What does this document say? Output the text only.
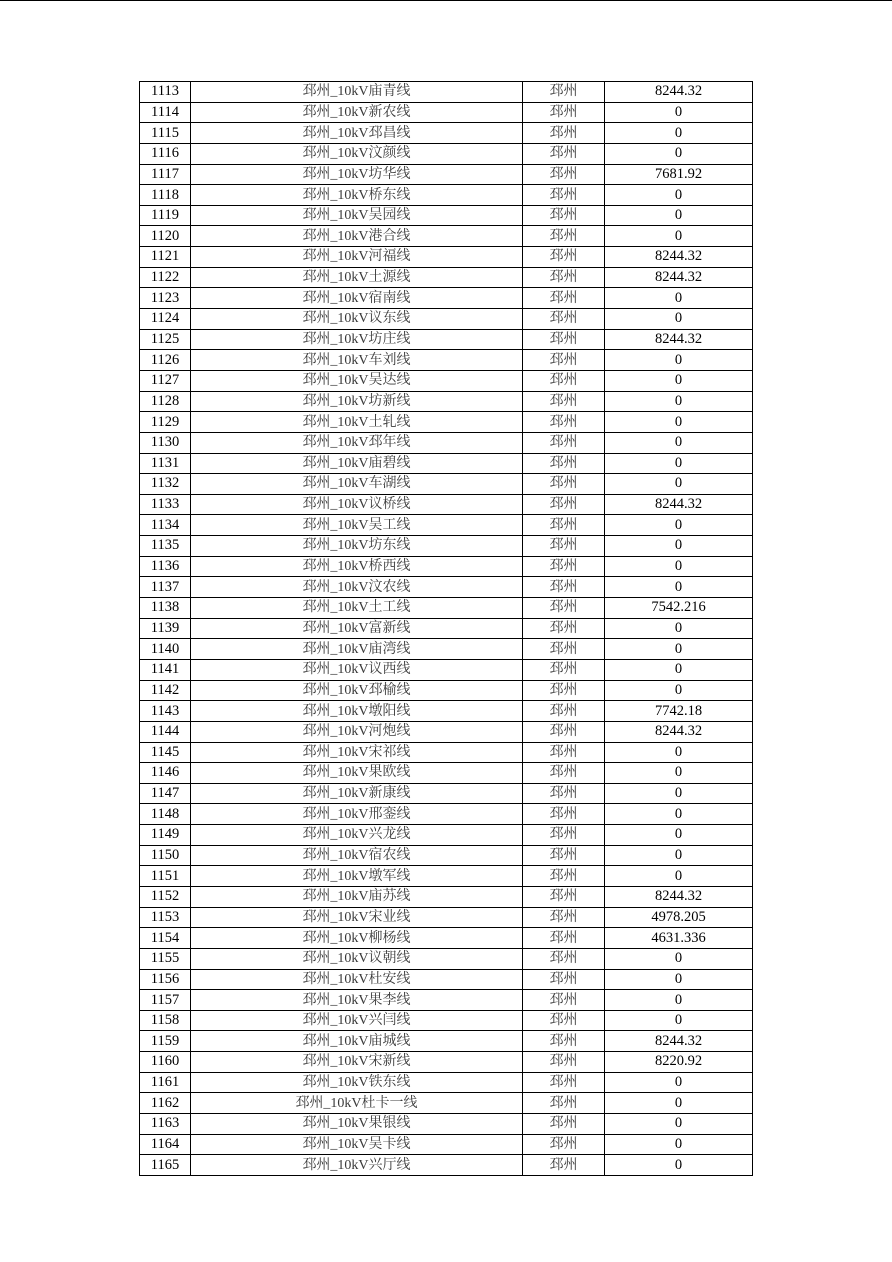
1113	邳州_10kV庙青线	邳州	8244.32
1114	邳州_10kV新农线	邳州	0
1115	邳州_10kV邳昌线	邳州	0
1116	邳州_10kV汶颜线	邳州	0
1117	邳州_10kV坊华线	邳州	7681.92
1118	邳州_10kV桥东线	邳州	0
1119	邳州_10kV吴园线	邳州	0
1120	邳州_10kV港合线	邳州	0
1121	邳州_10kV河福线	邳州	8244.32
1122	邳州_10kV土源线	邳州	8244.32
1123	邳州_10kV宿南线	邳州	0
1124	邳州_10kV议东线	邳州	0
1125	邳州_10kV坊庄线	邳州	8244.32
1126	邳州_10kV车刘线	邳州	0
1127	邳州_10kV吴达线	邳州	0
1128	邳州_10kV坊新线	邳州	0
1129	邳州_10kV土轧线	邳州	0
1130	邳州_10kV邳年线	邳州	0
1131	邳州_10kV庙碧线	邳州	0
1132	邳州_10kV车湖线	邳州	0
1133	邳州_10kV议桥线	邳州	8244.32
1134	邳州_10kV吴工线	邳州	0
1135	邳州_10kV坊东线	邳州	0
1136	邳州_10kV桥西线	邳州	0
1137	邳州_10kV汶农线	邳州	0
1138	邳州_10kV土工线	邳州	7542.216
1139	邳州_10kV富新线	邳州	0
1140	邳州_10kV庙湾线	邳州	0
1141	邳州_10kV议西线	邳州	0
1142	邳州_10kV邳榆线	邳州	0
1143	邳州_10kV墩阳线	邳州	7742.18
1144	邳州_10kV河炮线	邳州	8244.32
1145	邳州_10kV宋祁线	邳州	0
1146	邳州_10kV果欧线	邳州	0
1147	邳州_10kV新康线	邳州	0
1148	邳州_10kV邢銮线	邳州	0
1149	邳州_10kV兴龙线	邳州	0
1150	邳州_10kV宿农线	邳州	0
1151	邳州_10kV墩军线	邳州	0
1152	邳州_10kV庙苏线	邳州	8244.32
1153	邳州_10kV宋业线	邳州	4978.205
1154	邳州_10kV柳杨线	邳州	4631.336
1155	邳州_10kV议朝线	邳州	0
1156	邳州_10kV杜安线	邳州	0
1157	邳州_10kV果李线	邳州	0
1158	邳州_10kV兴闫线	邳州	0
1159	邳州_10kV庙城线	邳州	8244.32
1160	邳州_10kV宋新线	邳州	8220.92
1161	邳州_10kV铁东线	邳州	0
1162	邳州_10kV杜卡一线	邳州	0
1163	邳州_10kV果银线	邳州	0
1164	邳州_10kV吴卡线	邳州	0
1165	邳州_10kV兴厅线	邳州	0
